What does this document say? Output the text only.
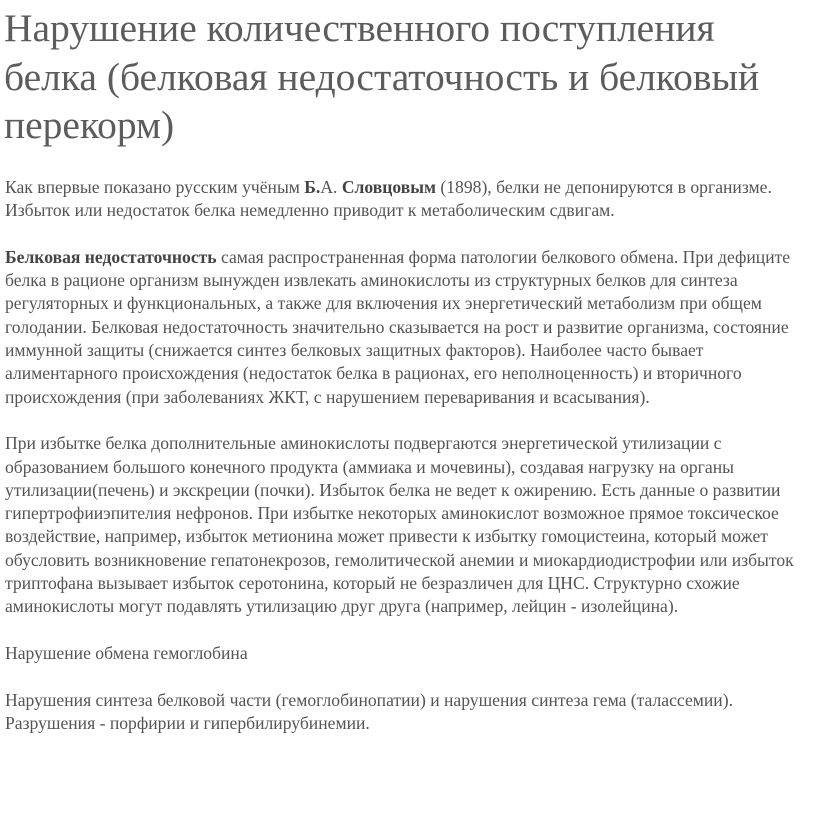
Нарушение количественного поступления белка (белковая недостаточность и белковый перекорм)

Как впервые показано русским учёным Б.А. Словцовым (1898), белки не депонируются в организме. Избыток или недостаток белка немедленно приводит к метаболическим сдвигам.

Белковая недостаточность самая распространенная форма патологии белкового обмена. При дефиците белка в рационе организм вынужден извлекать аминокислоты из структурных белков для синтеза регуляторных и функциональных, а также для включения их энергетический метаболизм при общем голодании. Белковая недостаточность значительно сказывается на рост и развитие организма, состояние иммунной защиты (снижается синтез белковых защитных факторов). Наиболее часто бывает алиментарного происхождения (недостаток белка в рационах, его неполноценность) и вторичного происхождения (при заболеваниях ЖКТ, с нарушением переваривания и всасывания).

При избытке белка дополнительные аминокислоты подвергаются энергетической утилизации с образованием большого конечного продукта (аммиака и мочевины), создавая нагрузку на органы утилизации(печень) и экскреции (почки). Избыток белка не ведет к ожирению. Есть данные о развитии гипертрофииэпителия нефронов. При избытке некоторых аминокислот возможное прямое токсическое воздействие, например, избыток метионина может привести к избытку гомоцистеина, который может обусловить возникновение гепатонекрозов, гемолитической анемии и миокардиодистрофии или избыток триптофана вызывает избыток серотонина, который не безразличен для ЦНС. Структурно схожие аминокислоты могут подавлять утилизацию друг друга (например, лейцин - изолейцина).

Нарушение обмена гемоглобина

Нарушения синтеза белковой части (гемоглобинопатии) и нарушения синтеза гема (талассемии). Разрушения - порфирии и гипербилирубинемии.
